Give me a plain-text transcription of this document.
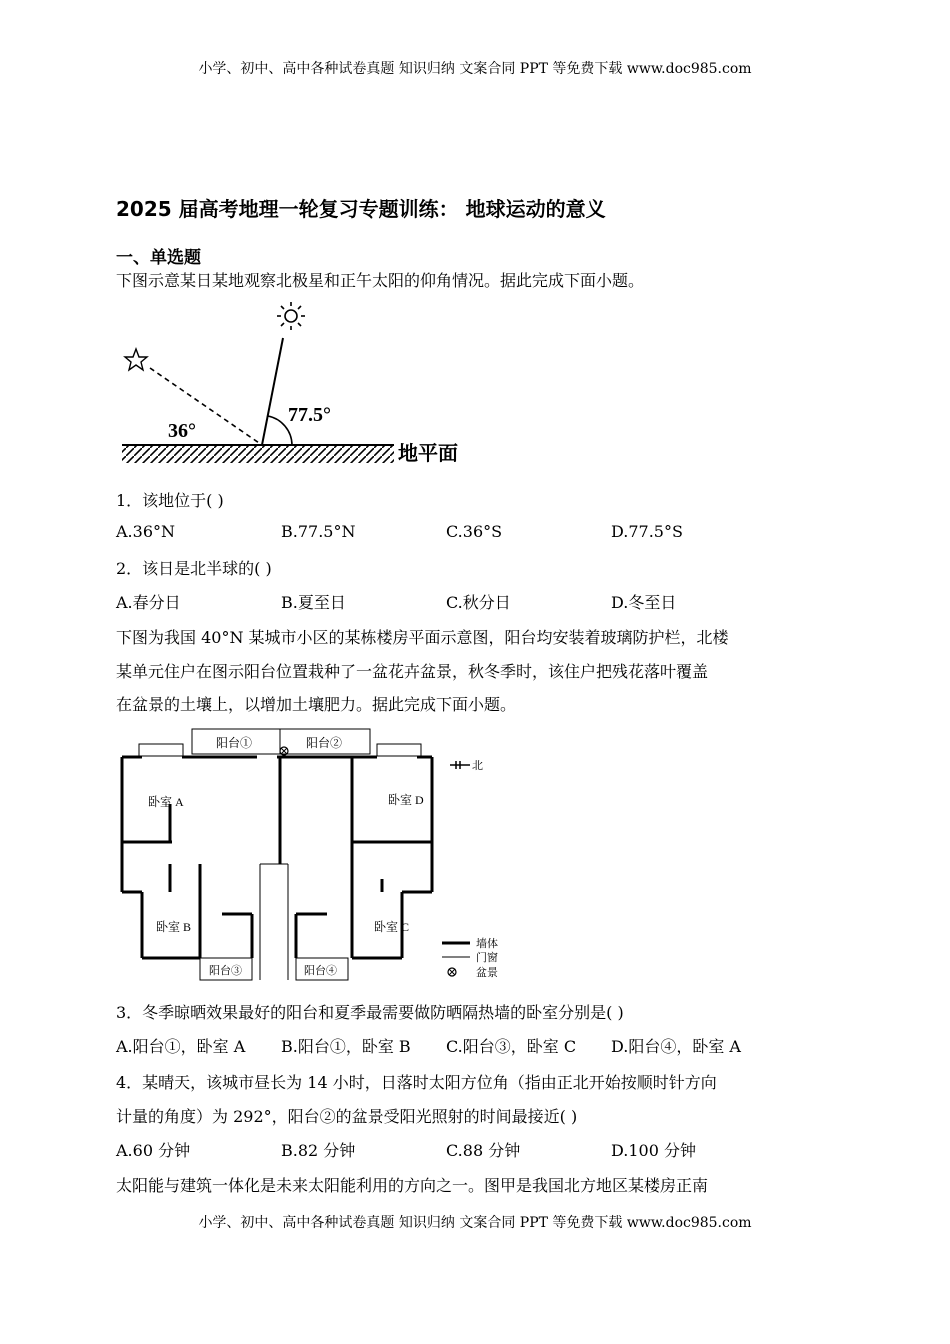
小学、初中、高中各种试卷真题 知识归纳 文案合同 PPT 等免费下载 www.doc985.com
2025 届高考地理一轮复习专题训练： 地球运动的意义
一、单选题
下图示意某日某地观察北极星和正午太阳的仰角情况。据此完成下面小题。
36°
77.5°
地平面
1．该地位于( )
A.36°N	B.77.5°N	C.36°S	D.77.5°S
2．该日是北半球的( )
A.春分日	B.夏至日	C.秋分日	D.冬至日
下图为我国 40°N 某城市小区的某栋楼房平面示意图，阳台均安装着玻璃防护栏，北楼
某单元住户在图示阳台位置栽种了一盆花卉盆景，秋冬季时，该住户把残花落叶覆盖
在盆景的土壤上，以增加土壤肥力。据此完成下面小题。
阳台①	阳台②
阳台③	阳台④
卧室 A
卧室 B	卧室 C
卧室 D
北
墙体
门窗
盆景
3．冬季晾晒效果最好的阳台和夏季最需要做防晒隔热墙的卧室分别是( )
A.阳台①，卧室 A B.阳台①，卧室 B C.阳台③，卧室 C D.阳台④，卧室 A
4．某晴天，该城市昼长为 14 小时，日落时太阳方位角（指由正北开始按顺时针方向
计量的角度）为 292°，阳台②的盆景受阳光照射的时间最接近( )
A.60 分钟	B.82 分钟	C.88 分钟	D.100 分钟
太阳能与建筑一体化是未来太阳能利用的方向之一。图甲是我国北方地区某楼房正南
小学、初中、高中各种试卷真题 知识归纳 文案合同 PPT 等免费下载 www.doc985.com
